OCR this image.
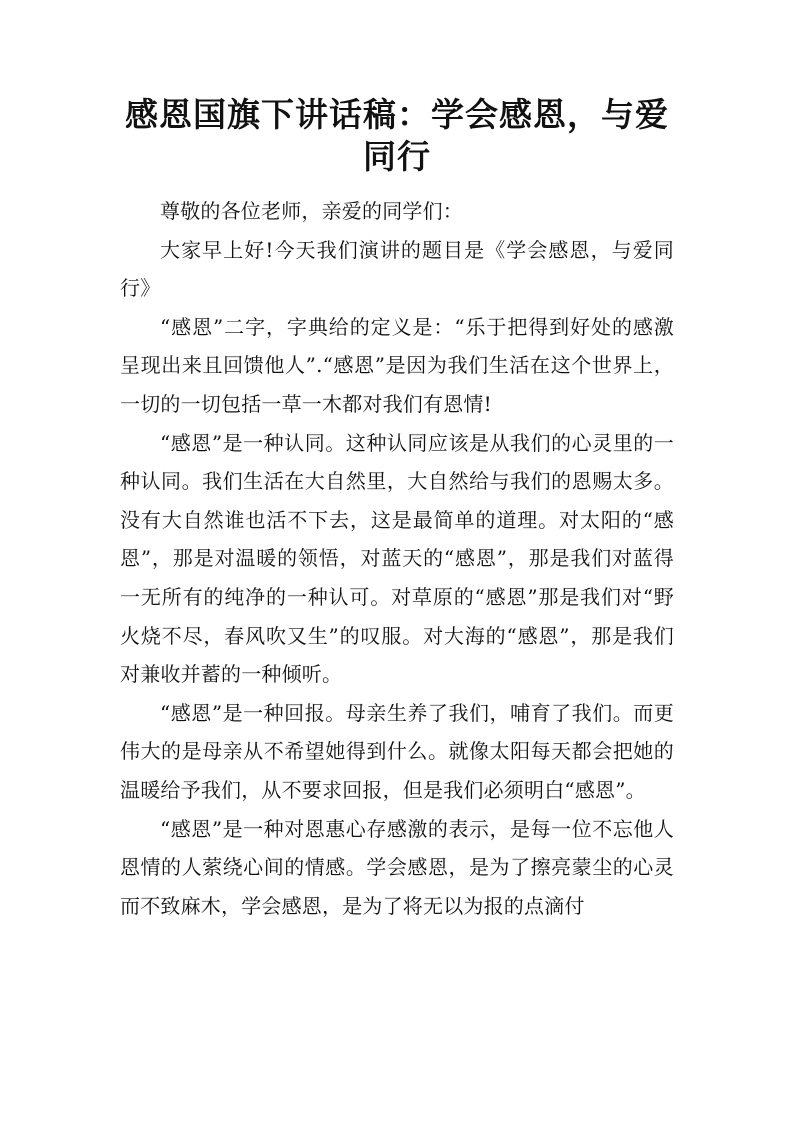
感恩国旗下讲话稿：学会感恩，与爱同行

尊敬的各位老师，亲爱的同学们：

大家早上好!今天我们演讲的题目是《学会感恩，与爱同行》

“感恩”二字，字典给的定义是：“乐于把得到好处的感激呈现出来且回馈他人”.“感恩”是因为我们生活在这个世界上，一切的一切包括一草一木都对我们有恩情!

“感恩”是一种认同。这种认同应该是从我们的心灵里的一种认同。我们生活在大自然里，大自然给与我们的恩赐太多。没有大自然谁也活不下去，这是最简单的道理。对太阳的“感恩”，那是对温暖的领悟，对蓝天的“感恩”，那是我们对蓝得一无所有的纯净的一种认可。对草原的“感恩”那是我们对“野火烧不尽，春风吹又生”的叹服。对大海的“感恩”，那是我们对兼收并蓄的一种倾听。

“感恩”是一种回报。母亲生养了我们，哺育了我们。而更伟大的是母亲从不希望她得到什么。就像太阳每天都会把她的温暖给予我们，从不要求回报，但是我们必须明白“感恩”。

“感恩”是一种对恩惠心存感激的表示，是每一位不忘他人恩情的人萦绕心间的情感。学会感恩，是为了擦亮蒙尘的心灵而不致麻木，学会感恩，是为了将无以为报的点滴付
